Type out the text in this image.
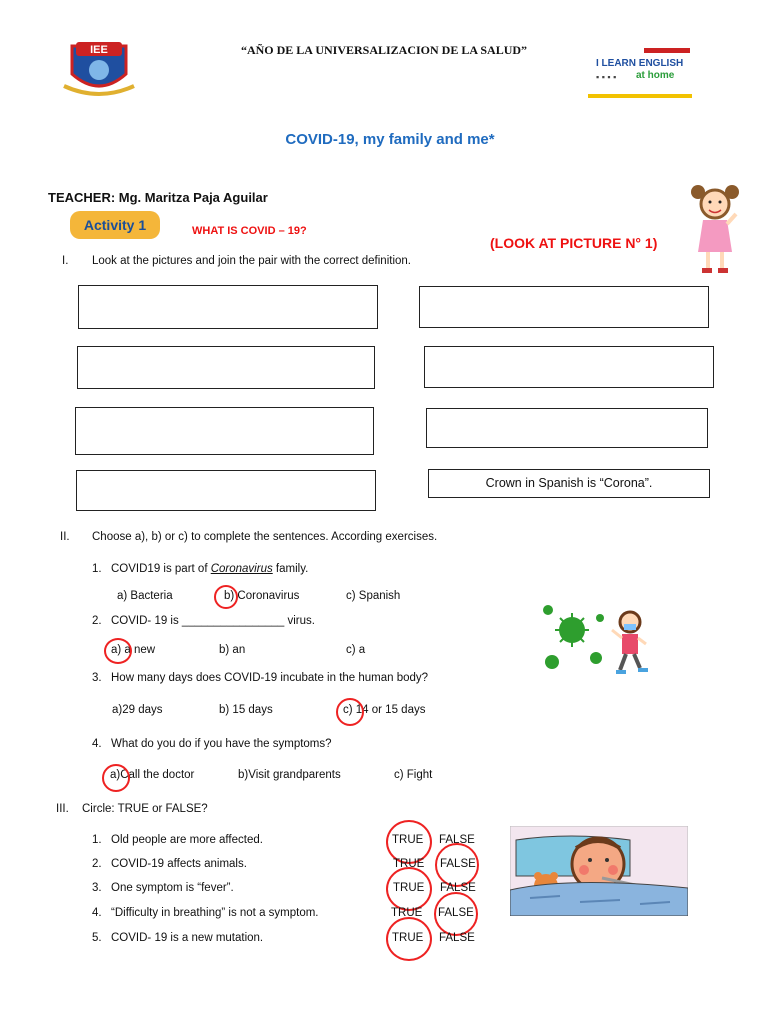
“AÑO DE LA UNIVERSALIZACION DE LA SALUD”
IEE
I LEARN ENGLISH
▪ ▪ ▪ ▪ at home
COVID-19, my family and me*
TEACHER: Mg. Maritza Paja Aguilar
Activity 1	WHAT IS COVID – 19?
(LOOK AT PICTURE N° 1)
I. Look at the pictures and join the pair with the correct definition.
Crown in Spanish is “Corona”.
II. Choose a), b) or c) to complete the sentences. According exercises.
1. COVID19 is part of Coronavirus family.
a) Bacteria	b) Coronavirus	c) Spanish
2. COVID- 19 is ________________ virus.
a) a new	b) an	c) a
3. How many days does COVID-19 incubate in the human body?
a)29 days	b) 15 days	c) 14 or 15 days
4. What do you do if you have the symptoms?
a)Call the doctor	b)Visit grandparents	c) Fight
III. Circle: TRUE or FALSE?
1. Old people are more affected.	TRUE FALSE
2. COVID-19 affects animals.	TRUE FALSE
3. One symptom is “fever”.	TRUE FALSE
4. “Difficulty in breathing” is not a symptom.	TRUE FALSE
5. COVID- 19 is a new mutation.	TRUE FALSE
